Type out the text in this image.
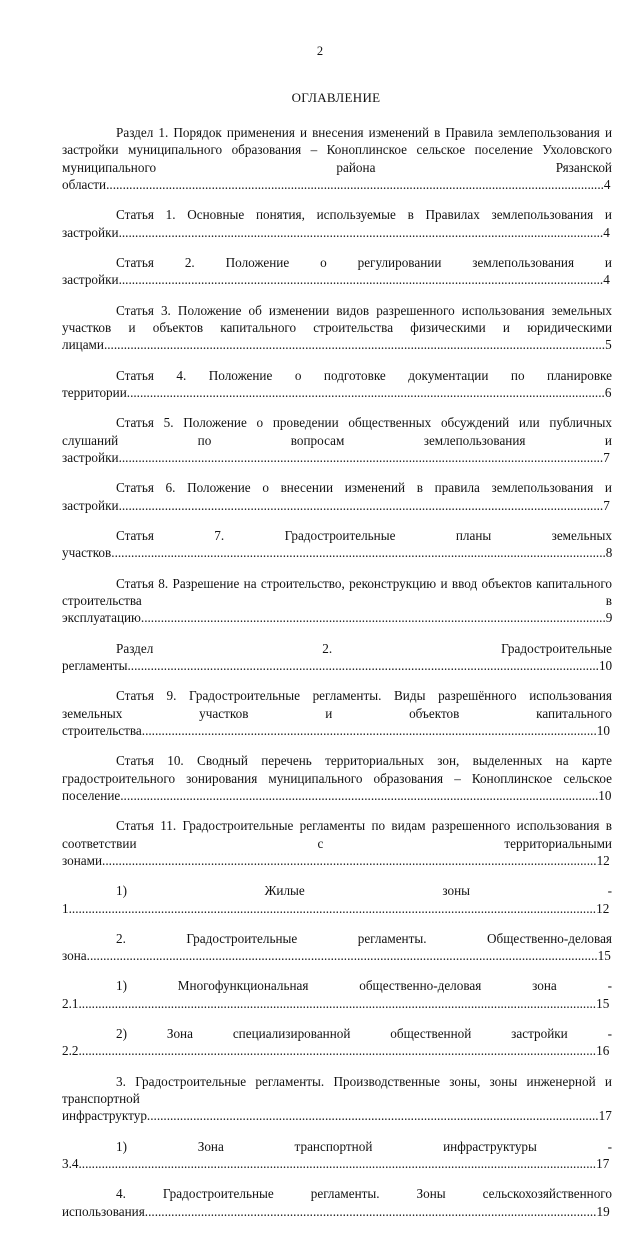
2
ОГЛАВЛЕНИЕ

Раздел 1. Порядок применения и внесения изменений в Правила землепользования и застройки муниципального образования – Коноплинское сельское поселение Ухоловского муниципального района Рязанской области.......................................................................................................................................................4

Статья 1. Основные понятия, используемые в Правилах землепользования и застройки...................................................................................................................................................4

Статья 2. Положение о регулировании землепользования и застройки...................................................................................................................................................4

Статья 3. Положение об изменении видов разрешенного использования земельных участков и объектов капитального строительства физическими и юридическими лицами........................................................................................................................................................5

Статья 4. Положение о подготовке документации по планировке территории.................................................................................................................................................6

Статья 5. Положение о проведении общественных обсуждений или публичных слушаний по вопросам землепользования и застройки...................................................................................................................................................7

Статья 6. Положение о внесении изменений в правила землепользования и застройки...................................................................................................................................................7

Статья 7. Градостроительные планы земельных участков......................................................................................................................................................8

Статья 8. Разрешение на строительство, реконструкцию и ввод объектов капитального строительства в эксплуатацию.............................................................................................................................................9

Раздел 2. Градостроительные регламенты...............................................................................................................................................10

Статья 9. Градостроительные регламенты. Виды разрешённого использования земельных участков и объектов капитального строительства..........................................................................................................................................10

Статья 10. Сводный перечень территориальных зон, выделенных на карте градостроительного зонирования муниципального образования – Коноплинское сельское поселение.................................................................................................................................................10

Статья 11. Градостроительные регламенты по видам разрешенного использования в соответствии с территориальными зонами......................................................................................................................................................12

1) Жилые зоны - 1................................................................................................................................................................12

2. Градостроительные регламенты. Общественно-деловая зона...........................................................................................................................................................15

1) Многофункциональная общественно-деловая зона - 2.1.............................................................................................................................................................15

2) Зона специализированной общественной застройки - 2.2.............................................................................................................................................................16

3. Градостроительные регламенты. Производственные зоны, зоны инженерной и транспортной инфраструктур.........................................................................................................................................17

1) Зона транспортной инфраструктуры - 3.4.............................................................................................................................................................17

4. Градостроительные регламенты. Зоны сельскохозяйственного использования.........................................................................................................................................19
